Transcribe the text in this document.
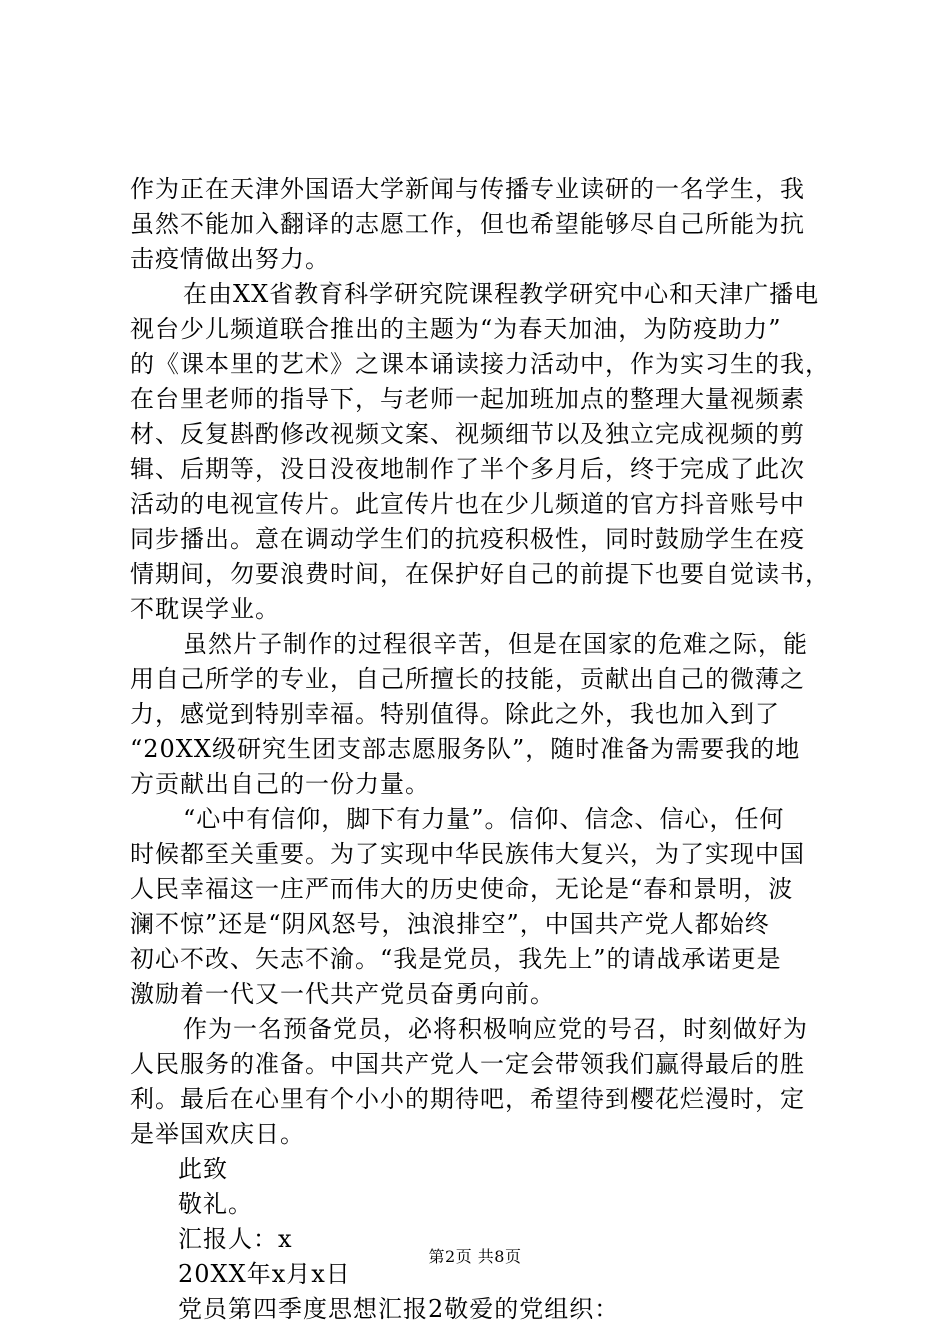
作为正在天津外国语大学新闻与传播专业读研的一名学生，我
虽然不能加入翻译的志愿工作，但也希望能够尽自己所能为抗
击疫情做出努力。
在由XX省教育科学研究院课程教学研究中心和天津广播电
视台少儿频道联合推出的主题为“为春天加油，为防疫助力”
的《课本里的艺术》之课本诵读接力活动中，作为实习生的我，
在台里老师的指导下，与老师一起加班加点的整理大量视频素
材、反复斟酌修改视频文案、视频细节以及独立完成视频的剪
辑、后期等，没日没夜地制作了半个多月后，终于完成了此次
活动的电视宣传片。此宣传片也在少儿频道的官方抖音账号中
同步播出。意在调动学生们的抗疫积极性，同时鼓励学生在疫
情期间，勿要浪费时间，在保护好自己的前提下也要自觉读书，
不耽误学业。
虽然片子制作的过程很辛苦，但是在国家的危难之际，能
用自己所学的专业，自己所擅长的技能，贡献出自己的微薄之
力，感觉到特别幸福。特别值得。除此之外，我也加入到了
“20XX级研究生团支部志愿服务队”，随时准备为需要我的地
方贡献出自己的一份力量。
“心中有信仰，脚下有力量”。信仰、信念、信心，任何
时候都至关重要。为了实现中华民族伟大复兴，为了实现中国
人民幸福这一庄严而伟大的历史使命，无论是“春和景明，波
澜不惊”还是“阴风怒号，浊浪排空”，中国共产党人都始终
初心不改、矢志不渝。“我是党员，我先上”的请战承诺更是
激励着一代又一代共产党员奋勇向前。
作为一名预备党员，必将积极响应党的号召，时刻做好为
人民服务的准备。中国共产党人一定会带领我们赢得最后的胜
利。最后在心里有个小小的期待吧，希望待到樱花烂漫时，定
是举国欢庆日。
此致
敬礼。
汇报人：x
20XX年x月x日
党员第四季度思想汇报2敬爱的党组织：
第2页 共8页
